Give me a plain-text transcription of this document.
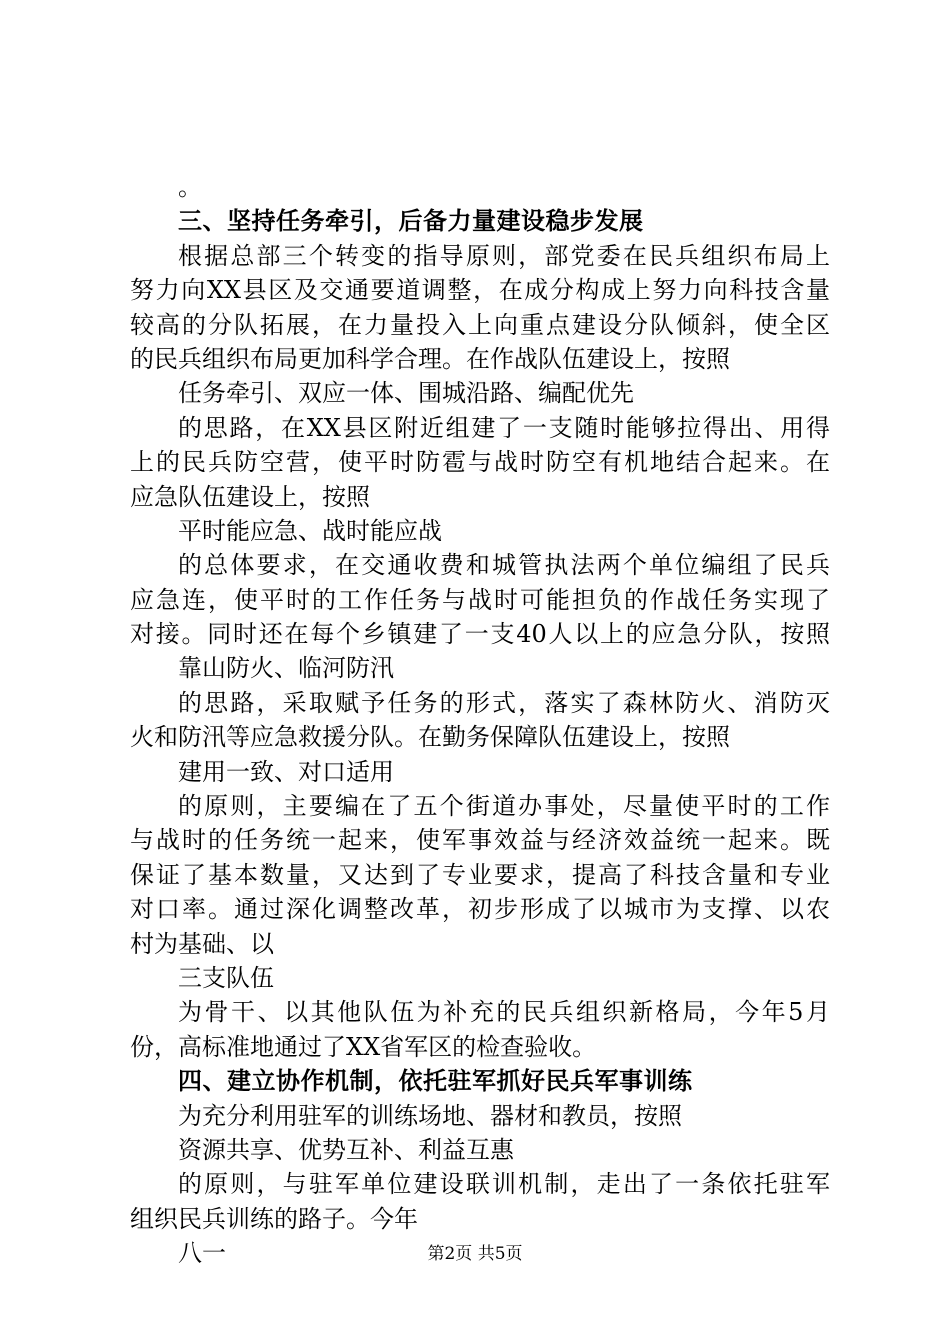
。
三、坚持任务牵引，后备力量建设稳步发展
根据总部三个转变的指导原则，部党委在民兵组织布局上
努力向XX县区及交通要道调整，在成分构成上努力向科技含量
较高的分队拓展，在力量投入上向重点建设分队倾斜，使全区
的民兵组织布局更加科学合理。在作战队伍建设上，按照
任务牵引、双应一体、围城沿路、编配优先
的思路，在XX县区附近组建了一支随时能够拉得出、用得
上的民兵防空营，使平时防雹与战时防空有机地结合起来。在
应急队伍建设上，按照
平时能应急、战时能应战
的总体要求，在交通收费和城管执法两个单位编组了民兵
应急连，使平时的工作任务与战时可能担负的作战任务实现了
对接。同时还在每个乡镇建了一支40人以上的应急分队，按照
靠山防火、临河防汛
的思路，采取赋予任务的形式，落实了森林防火、消防灭
火和防汛等应急救援分队。在勤务保障队伍建设上，按照
建用一致、对口适用
的原则，主要编在了五个街道办事处，尽量使平时的工作
与战时的任务统一起来，使军事效益与经济效益统一起来。既
保证了基本数量，又达到了专业要求，提高了科技含量和专业
对口率。通过深化调整改革，初步形成了以城市为支撑、以农
村为基础、以
三支队伍
为骨干、以其他队伍为补充的民兵组织新格局，今年5月
份，高标准地通过了XX省军区的检查验收。
四、建立协作机制，依托驻军抓好民兵军事训练
为充分利用驻军的训练场地、器材和教员，按照
资源共享、优势互补、利益互惠
的原则，与驻军单位建设联训机制，走出了一条依托驻军
组织民兵训练的路子。今年
八一	第2页 共5页
